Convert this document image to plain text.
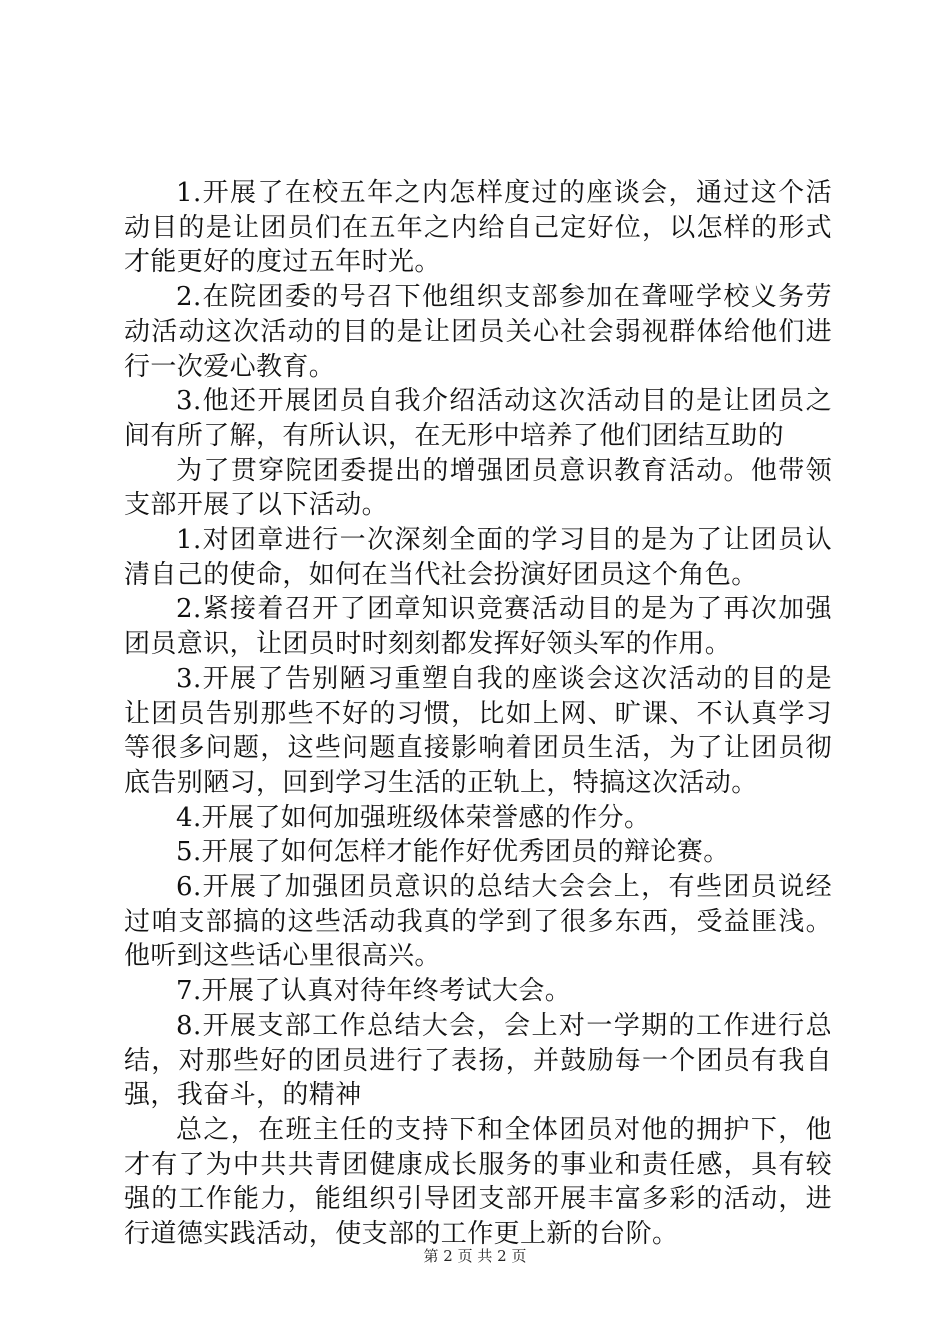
1.开展了在校五年之内怎样度过的座谈会，通过这个活动目的是让团员们在五年之内给自己定好位，以怎样的形式才能更好的度过五年时光。

2.在院团委的号召下他组织支部参加在聋哑学校义务劳动活动这次活动的目的是让团员关心社会弱视群体给他们进行一次爱心教育。

3.他还开展团员自我介绍活动这次活动目的是让团员之间有所了解，有所认识，在无形中培养了他们团结互助的

为了贯穿院团委提出的增强团员意识教育活动。他带领支部开展了以下活动。

1.对团章进行一次深刻全面的学习目的是为了让团员认清自己的使命，如何在当代社会扮演好团员这个角色。

2.紧接着召开了团章知识竞赛活动目的是为了再次加强团员意识，让团员时时刻刻都发挥好领头军的作用。

3.开展了告别陋习重塑自我的座谈会这次活动的目的是让团员告别那些不好的习惯，比如上网、旷课、不认真学习等很多问题，这些问题直接影响着团员生活，为了让团员彻底告别陋习，回到学习生活的正轨上，特搞这次活动。

4.开展了如何加强班级体荣誉感的作分。

5.开展了如何怎样才能作好优秀团员的辩论赛。

6.开展了加强团员意识的总结大会会上，有些团员说经过咱支部搞的这些活动我真的学到了很多东西，受益匪浅。他听到这些话心里很高兴。

7.开展了认真对待年终考试大会。

8.开展支部工作总结大会，会上对一学期的工作进行总结，对那些好的团员进行了表扬，并鼓励每一个团员有我自强，我奋斗，的精神

总之，在班主任的支持下和全体团员对他的拥护下，他才有了为中共共青团健康成长服务的事业和责任感，具有较强的工作能力，能组织引导团支部开展丰富多彩的活动，进行道德实践活动，使支部的工作更上新的台阶。

第 2 页 共 2 页
